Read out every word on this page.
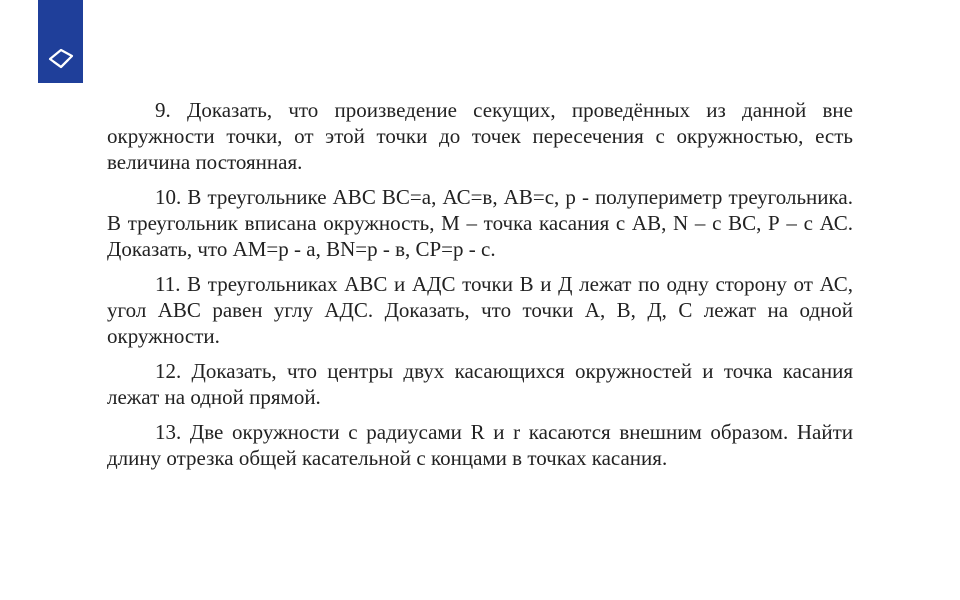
9. Доказать, что произведение секущих, проведённых из данной вне окружности точки, от этой точки до точек пересечения с окружностью, есть величина постоянная.

10. В треугольнике АВС ВС=а, АС=в, АВ=с, р - полупериметр треугольника. В треугольник вписана окружность, М – точка касания с АВ, N – с ВС, Р – с АС. Доказать, что АМ=р - а, ВN=р - в, СР=р - с.

11. В треугольниках АВС и АДС точки В и Д лежат по одну сторону от АС, угол АВС равен углу АДС. Доказать, что точки А, В, Д, С лежат на одной окружности.

12. Доказать, что центры двух касающихся окружностей и точка касания лежат на одной прямой.

13. Две окружности с радиусами R и r касаются внешним образом. Найти длину отрезка общей касательной с концами в точках касания.
